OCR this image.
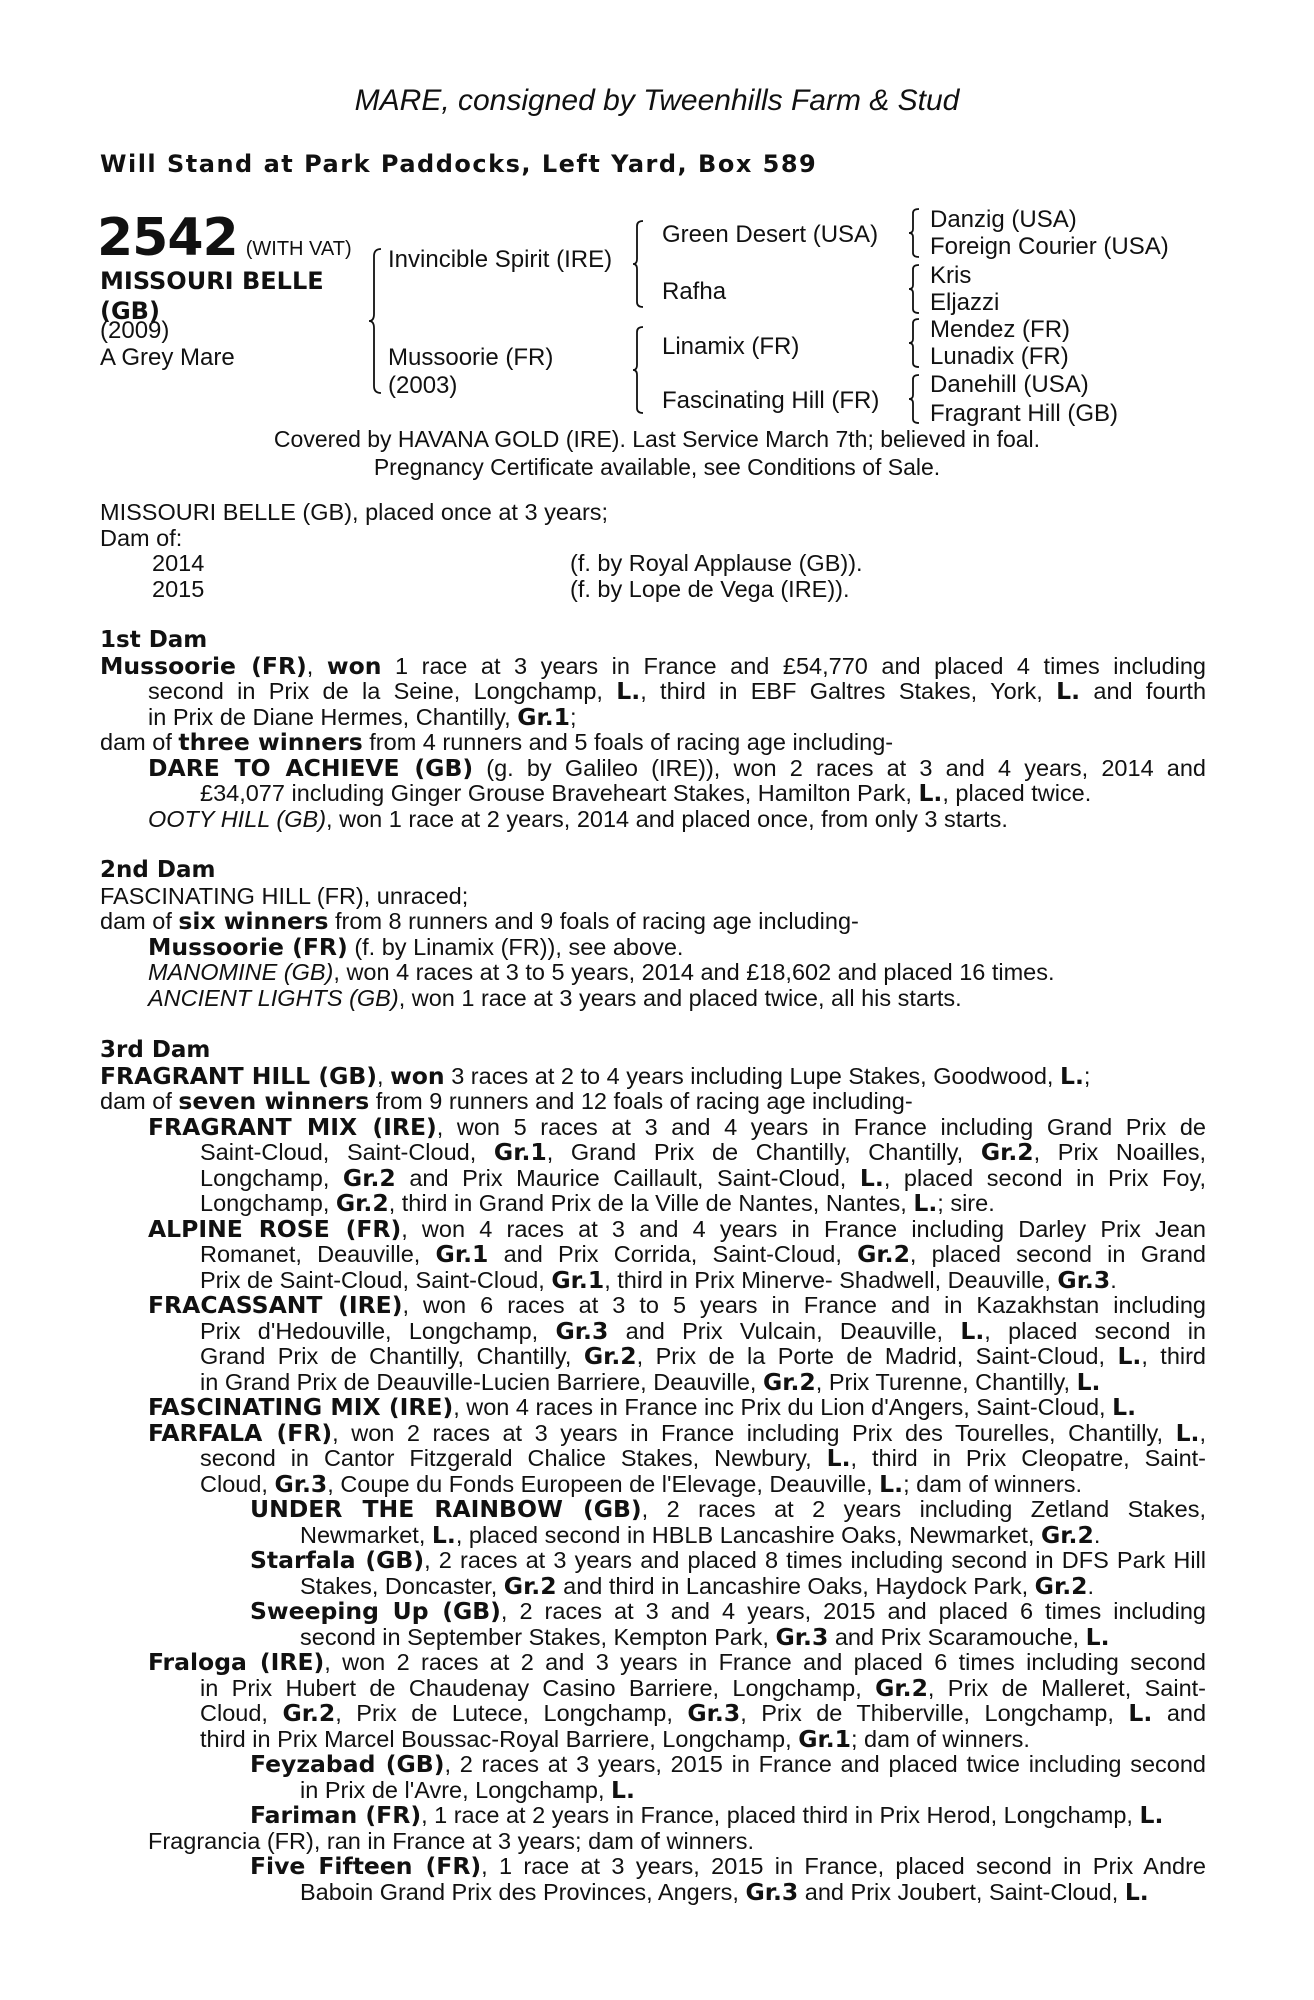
MARE, consigned by Tweenhills Farm & Stud
Will Stand at Park Paddocks, Left Yard, Box 589
2542 (WITH VAT)
MISSOURI BELLE
(GB)
(2009)
A Grey Mare
Invincible Spirit (IRE)
Mussoorie (FR)
(2003)
Green Desert (USA)
Rafha
Linamix (FR)
Fascinating Hill (FR)
Danzig (USA)
Foreign Courier (USA)
Kris
Eljazzi
Mendez (FR)
Lunadix (FR)
Danehill (USA)
Fragrant Hill (GB)
Covered by HAVANA GOLD (IRE). Last Service March 7th; believed in foal.
Pregnancy Certificate available, see Conditions of Sale.
MISSOURI BELLE (GB), placed once at 3 years;
Dam of:
2014	(f. by Royal Applause (GB)).
2015	(f. by Lope de Vega (IRE)).
1st Dam
Mussoorie (FR), won 1 race at 3 years in France and £54,770 and placed 4 times including
second in Prix de la Seine, Longchamp, L., third in EBF Galtres Stakes, York, L. and fourth
in Prix de Diane Hermes, Chantilly, Gr.1;
dam of three winners from 4 runners and 5 foals of racing age including-
DARE TO ACHIEVE (GB) (g. by Galileo (IRE)), won 2 races at 3 and 4 years, 2014 and
£34,077 including Ginger Grouse Braveheart Stakes, Hamilton Park, L., placed twice.
OOTY HILL (GB), won 1 race at 2 years, 2014 and placed once, from only 3 starts.
2nd Dam
FASCINATING HILL (FR), unraced;
dam of six winners from 8 runners and 9 foals of racing age including-
Mussoorie (FR) (f. by Linamix (FR)), see above.
MANOMINE (GB), won 4 races at 3 to 5 years, 2014 and £18,602 and placed 16 times.
ANCIENT LIGHTS (GB), won 1 race at 3 years and placed twice, all his starts.
3rd Dam
FRAGRANT HILL (GB), won 3 races at 2 to 4 years including Lupe Stakes, Goodwood, L.;
dam of seven winners from 9 runners and 12 foals of racing age including-
FRAGRANT MIX (IRE), won 5 races at 3 and 4 years in France including Grand Prix de
Saint-Cloud, Saint-Cloud, Gr.1, Grand Prix de Chantilly, Chantilly, Gr.2, Prix Noailles,
Longchamp, Gr.2 and Prix Maurice Caillault, Saint-Cloud, L., placed second in Prix Foy,
Longchamp, Gr.2, third in Grand Prix de la Ville de Nantes, Nantes, L.; sire.
ALPINE ROSE (FR), won 4 races at 3 and 4 years in France including Darley Prix Jean
Romanet, Deauville, Gr.1 and Prix Corrida, Saint-Cloud, Gr.2, placed second in Grand
Prix de Saint-Cloud, Saint-Cloud, Gr.1, third in Prix Minerve- Shadwell, Deauville, Gr.3.
FRACASSANT (IRE), won 6 races at 3 to 5 years in France and in Kazakhstan including
Prix d'Hedouville, Longchamp, Gr.3 and Prix Vulcain, Deauville, L., placed second in
Grand Prix de Chantilly, Chantilly, Gr.2, Prix de la Porte de Madrid, Saint-Cloud, L., third
in Grand Prix de Deauville-Lucien Barriere, Deauville, Gr.2, Prix Turenne, Chantilly, L.
FASCINATING MIX (IRE), won 4 races in France inc Prix du Lion d'Angers, Saint-Cloud, L.
FARFALA (FR), won 2 races at 3 years in France including Prix des Tourelles, Chantilly, L.,
second in Cantor Fitzgerald Chalice Stakes, Newbury, L., third in Prix Cleopatre, Saint-
Cloud, Gr.3, Coupe du Fonds Europeen de l'Elevage, Deauville, L.; dam of winners.
UNDER THE RAINBOW (GB), 2 races at 2 years including Zetland Stakes,
Newmarket, L., placed second in HBLB Lancashire Oaks, Newmarket, Gr.2.
Starfala (GB), 2 races at 3 years and placed 8 times including second in DFS Park Hill
Stakes, Doncaster, Gr.2 and third in Lancashire Oaks, Haydock Park, Gr.2.
Sweeping Up (GB), 2 races at 3 and 4 years, 2015 and placed 6 times including
second in September Stakes, Kempton Park, Gr.3 and Prix Scaramouche, L.
Fraloga (IRE), won 2 races at 2 and 3 years in France and placed 6 times including second
in Prix Hubert de Chaudenay Casino Barriere, Longchamp, Gr.2, Prix de Malleret, Saint-
Cloud, Gr.2, Prix de Lutece, Longchamp, Gr.3, Prix de Thiberville, Longchamp, L. and
third in Prix Marcel Boussac-Royal Barriere, Longchamp, Gr.1; dam of winners.
Feyzabad (GB), 2 races at 3 years, 2015 in France and placed twice including second
in Prix de l'Avre, Longchamp, L.
Fariman (FR), 1 race at 2 years in France, placed third in Prix Herod, Longchamp, L.
Fragrancia (FR), ran in France at 3 years; dam of winners.
Five Fifteen (FR), 1 race at 3 years, 2015 in France, placed second in Prix Andre
Baboin Grand Prix des Provinces, Angers, Gr.3 and Prix Joubert, Saint-Cloud, L.
